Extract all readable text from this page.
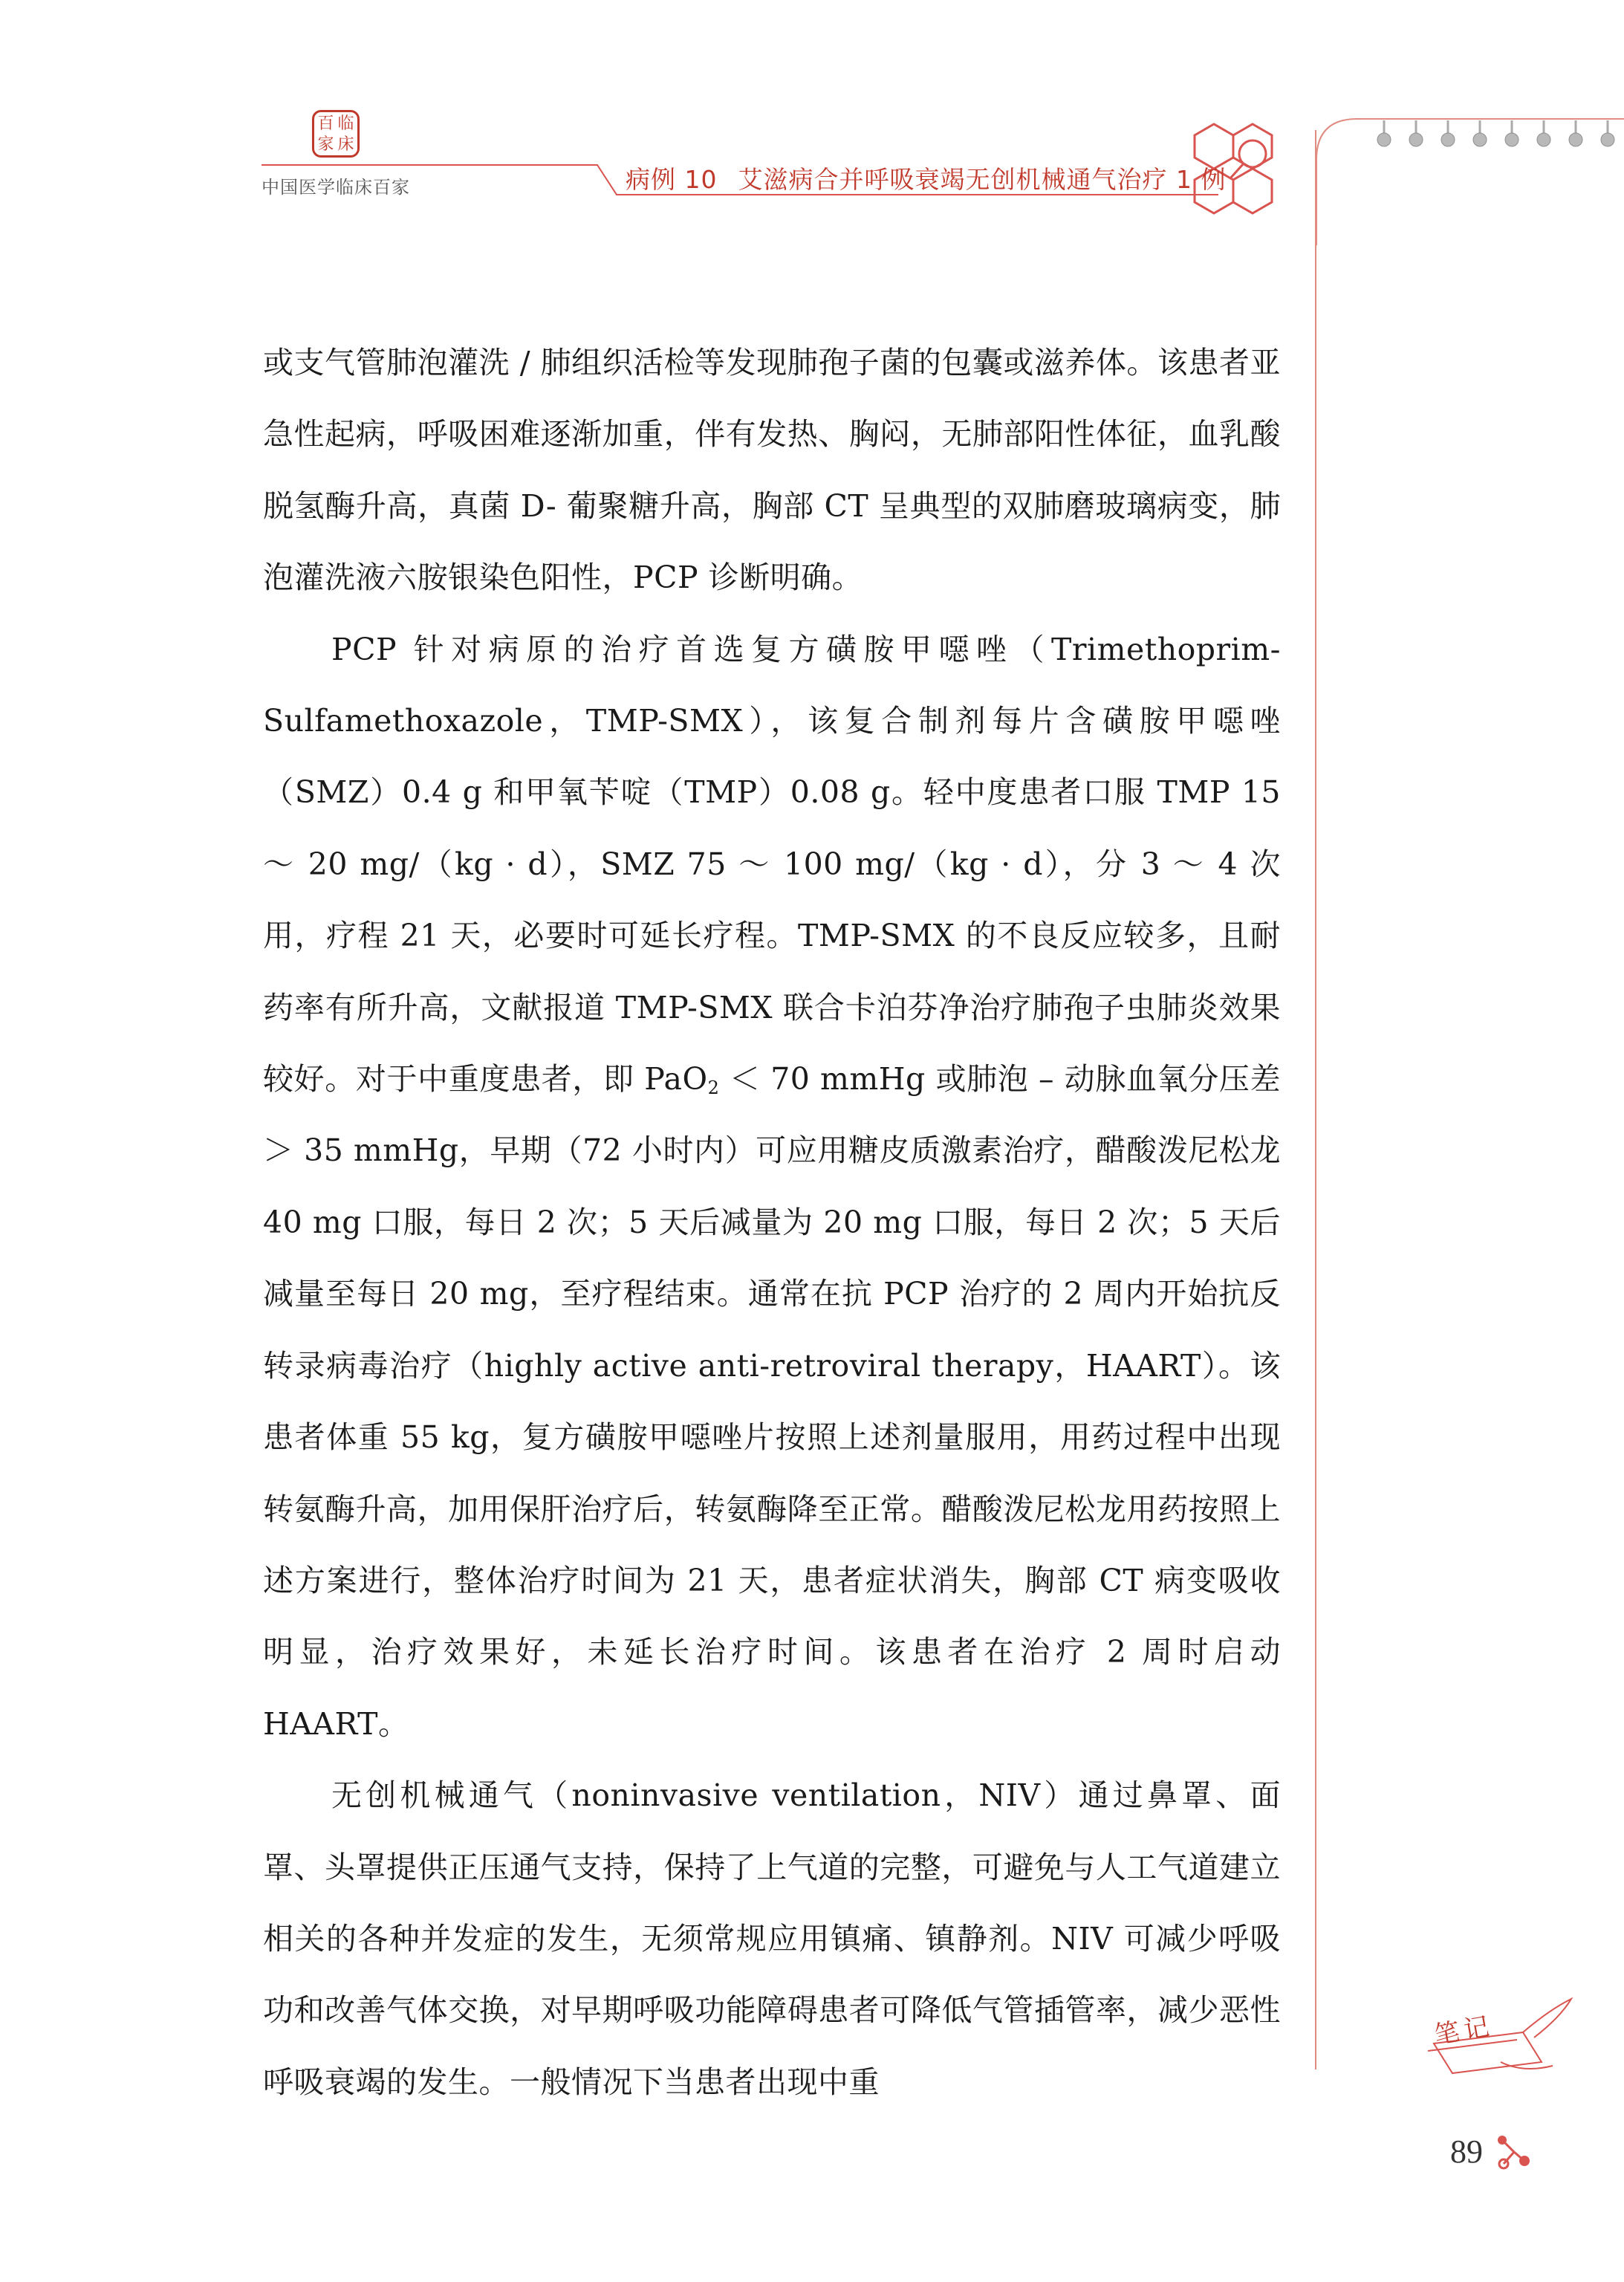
百 临
家 床
中国医学临床百家	病例 10 艾滋病合并呼吸衰竭无创机械通气治疗 1 例

或支气管肺泡灌洗 / 肺组织活检等发现肺孢子菌的包囊或滋养体。该患者亚急性起病，呼吸困难逐渐加重，伴有发热、胸闷，无肺部阳性体征，血乳酸脱氢酶升高，真菌 D- 葡聚糖升高，胸部 CT 呈典型的双肺磨玻璃病变，肺泡灌洗液六胺银染色阳性，PCP 诊断明确。

PCP 针对病原的治疗首选复方磺胺甲噁唑（Trimethoprim-Sulfamethoxazole，TMP-SMX），该复合制剂每片含磺胺甲噁唑（SMZ）0.4 g 和甲氧苄啶（TMP）0.08 g。轻中度患者口服 TMP 15 ～ 20 mg/（kg · d），SMZ 75 ～ 100 mg/（kg · d），分 3 ～ 4 次用，疗程 21 天，必要时可延长疗程。TMP-SMX 的不良反应较多，且耐药率有所升高，文献报道 TMP-SMX 联合卡泊芬净治疗肺孢子虫肺炎效果较好。对于中重度患者，即 PaO$_2$ ＜ 70 mmHg 或肺泡 – 动脉血氧分压差＞ 35 mmHg，早期（72 小时内）可应用糖皮质激素治疗，醋酸泼尼松龙 40 mg 口服，每日 2 次；5 天后减量为 20 mg 口服，每日 2 次；5 天后减量至每日 20 mg，至疗程结束。通常在抗 PCP 治疗的 2 周内开始抗反转录病毒治疗（highly active anti-retroviral therapy，HAART）。该患者体重 55 kg，复方磺胺甲噁唑片按照上述剂量服用，用药过程中出现转氨酶升高，加用保肝治疗后，转氨酶降至正常。醋酸泼尼松龙用药按照上述方案进行，整体治疗时间为 21 天，患者症状消失，胸部 CT 病变吸收明显，治疗效果好，未延长治疗时间。该患者在治疗 2 周时启动 HAART。

无创机械通气（noninvasive ventilation，NIV）通过鼻罩、面罩、头罩提供正压通气支持，保持了上气道的完整，可避免与人工气道建立相关的各种并发症的发生，无须常规应用镇痛、镇静剂。NIV 可减少呼吸功和改善气体交换，对早期呼吸功能障碍患者可降低气管插管率，减少恶性呼吸衰竭的发生。一般情况下当患者出现中重

笔记
89
